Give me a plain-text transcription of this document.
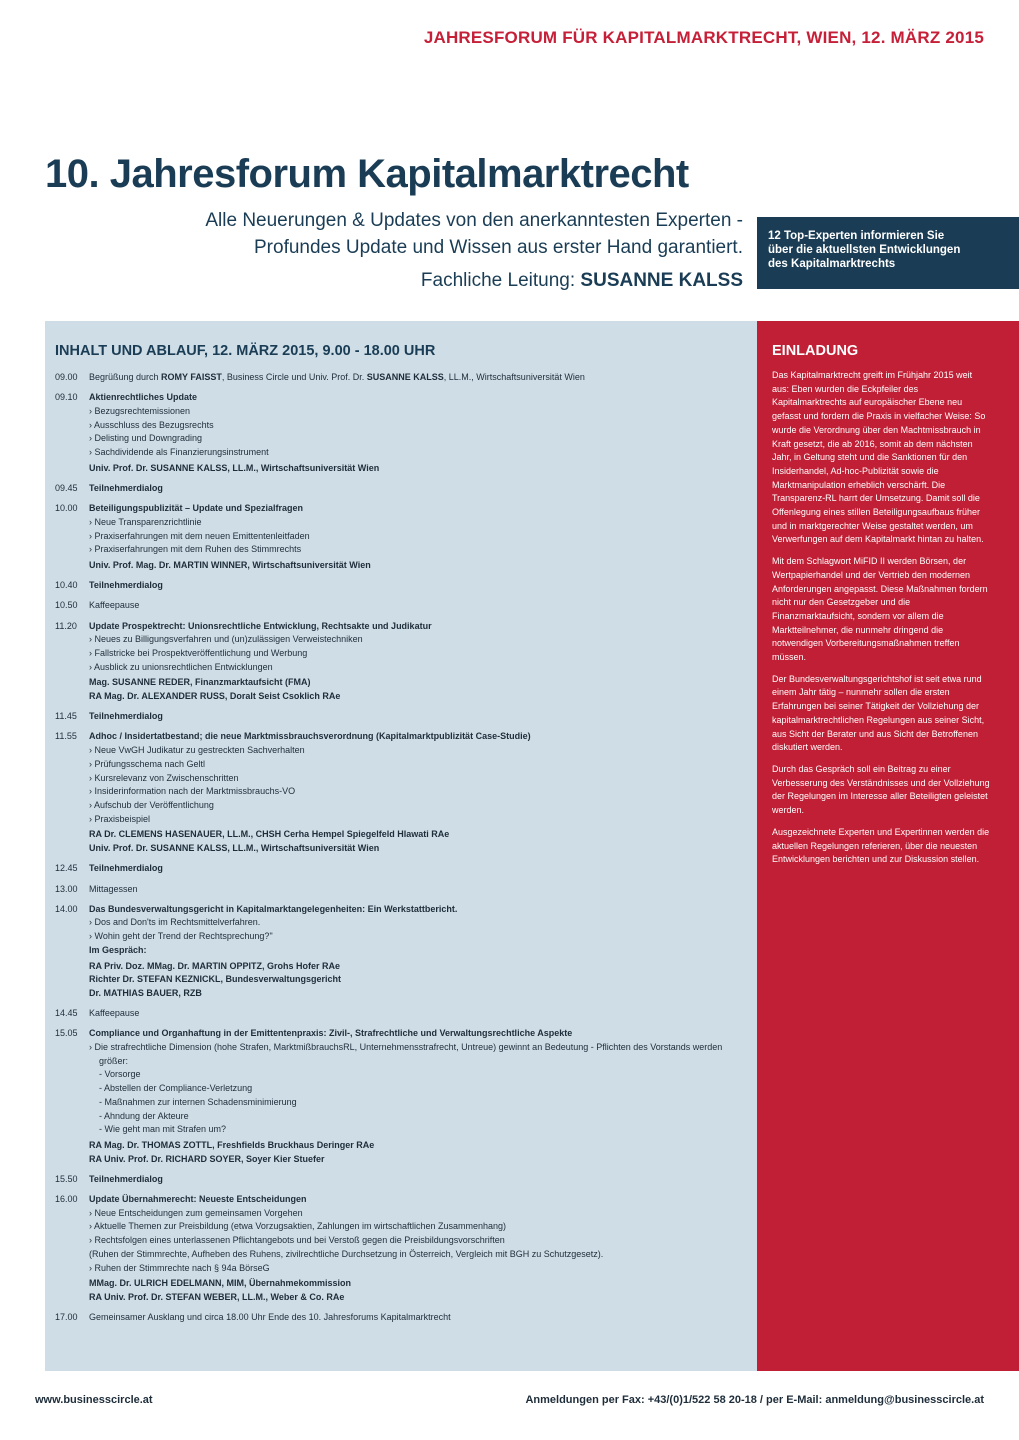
JAHRESFORUM FÜR KAPITALMARKTRECHT, WIEN, 12. MÄRZ 2015
10. Jahresforum Kapitalmarktrecht
Alle Neuerungen & Updates von den anerkanntesten Experten -
Profundes Update und Wissen aus erster Hand garantiert.
Fachliche Leitung: SUSANNE KALSS
12 Top-Experten informieren Sie
über die aktuellsten Entwicklungen
des Kapitalmarktrechts
INHALT UND ABLAUF, 12. MÄRZ 2015, 9.00 - 18.00 UHR
09.00	Begrüßung durch ROMY FAISST, Business Circle und Univ. Prof. Dr. SUSANNE KALSS, LL.M., Wirtschaftsuniversität Wien
09.10	Aktienrechtliches Update
› Bezugsrechtemissionen
› Ausschluss des Bezugsrechts
› Delisting und Downgrading
› Sachdividende als Finanzierungsinstrument
Univ. Prof. Dr. SUSANNE KALSS, LL.M., Wirtschaftsuniversität Wien
09.45	Teilnehmerdialog
10.00	Beteiligungspublizität – Update und Spezialfragen
› Neue Transparenzrichtlinie
› Praxiserfahrungen mit dem neuen Emittentenleitfaden
› Praxiserfahrungen mit dem Ruhen des Stimmrechts
Univ. Prof. Mag. Dr. MARTIN WINNER, Wirtschaftsuniversität Wien
10.40	Teilnehmerdialog
10.50	Kaffeepause
11.20	Update Prospektrecht: Unionsrechtliche Entwicklung, Rechtsakte und Judikatur
› Neues zu Billigungsverfahren und (un)zulässigen Verweistechniken
› Fallstricke bei Prospektveröffentlichung und Werbung
› Ausblick zu unionsrechtlichen Entwicklungen
Mag. SUSANNE REDER, Finanzmarktaufsicht (FMA)
RA Mag. Dr. ALEXANDER RUSS, Doralt Seist Csoklich RAe
11.45	Teilnehmerdialog
11.55	Adhoc / Insidertatbestand; die neue Marktmissbrauchsverordnung (Kapitalmarktpublizität Case-Studie)
› Neue VwGH Judikatur zu gestreckten Sachverhalten
› Prüfungsschema nach Geltl
› Kursrelevanz von Zwischenschritten
› Insiderinformation nach der Marktmissbrauchs-VO
› Aufschub der Veröffentlichung
› Praxisbeispiel
RA Dr. CLEMENS HASENAUER, LL.M., CHSH Cerha Hempel Spiegelfeld Hlawati RAe
Univ. Prof. Dr. SUSANNE KALSS, LL.M., Wirtschaftsuniversität Wien
12.45	Teilnehmerdialog
13.00	Mittagessen
14.00	Das Bundesverwaltungsgericht in Kapitalmarktangelegenheiten: Ein Werkstattbericht.
› Dos and Don'ts im Rechtsmittelverfahren.
› Wohin geht der Trend der Rechtsprechung?"
Im Gespräch:
RA Priv. Doz. MMag. Dr. MARTIN OPPITZ, Grohs Hofer RAe
Richter Dr. STEFAN KEZNICKL, Bundesverwaltungsgericht
Dr. MATHIAS BAUER, RZB
14.45	Kaffeepause
15.05	Compliance und Organhaftung in der Emittentenpraxis: Zivil-, Strafrechtliche und Verwaltungsrechtliche Aspekte
› Die strafrechtliche Dimension (hohe Strafen, MarktmißbrauchsRL, Unternehmensstrafrecht, Untreue) gewinnt an Bedeutung - Pflichten des Vorstands werden größer:
- Vorsorge
- Abstellen der Compliance-Verletzung
- Maßnahmen zur internen Schadensminimierung
- Ahndung der Akteure
- Wie geht man mit Strafen um?
RA Mag. Dr. THOMAS ZOTTL, Freshfields Bruckhaus Deringer RAe
RA Univ. Prof. Dr. RICHARD SOYER, Soyer Kier Stuefer
15.50	Teilnehmerdialog
16.00	Update Übernahmerecht: Neueste Entscheidungen
› Neue Entscheidungen zum gemeinsamen Vorgehen
› Aktuelle Themen zur Preisbildung (etwa Vorzugsaktien, Zahlungen im wirtschaftlichen Zusammenhang)
› Rechtsfolgen eines unterlassenen Pflichtangebots und bei Verstoß gegen die Preisbildungsvorschriften
(Ruhen der Stimmrechte, Aufheben des Ruhens, zivilrechtliche Durchsetzung in Österreich, Vergleich mit BGH zu Schutzgesetz).
› Ruhen der Stimmrechte nach § 94a BörseG
MMag. Dr. ULRICH EDELMANN, MIM, Übernahmekommission
RA Univ. Prof. Dr. STEFAN WEBER, LL.M., Weber & Co. RAe
17.00	Gemeinsamer Ausklang und circa 18.00 Uhr Ende des 10. Jahresforums Kapitalmarktrecht
EINLADUNG

Das Kapitalmarktrecht greift im Frühjahr 2015 weit aus: Eben wurden die Eckpfeiler des Kapitalmarktrechts auf europäischer Ebene neu gefasst und fordern die Praxis in vielfacher Weise: So wurde die Verordnung über den Machtmissbrauch in Kraft gesetzt, die ab 2016, somit ab dem nächsten Jahr, in Geltung steht und die Sanktionen für den Insiderhandel, Ad-hoc-Publizität sowie die Marktmanipulation erheblich verschärft. Die Transparenz-RL harrt der Umsetzung. Damit soll die Offenlegung eines stillen Beteiligungsaufbaus früher und in marktgerechter Weise gestaltet werden, um Verwerfungen auf dem Kapitalmarkt hintan zu halten.

Mit dem Schlagwort MiFID II werden Börsen, der Wertpapierhandel und der Vertrieb den modernen Anforderungen angepasst. Diese Maßnahmen fordern nicht nur den Gesetzgeber und die Finanzmarktaufsicht, sondern vor allem die Marktteilnehmer, die nunmehr dringend die notwendigen Vorbereitungsmaßnahmen treffen müssen.

Der Bundesverwaltungsgerichtshof ist seit etwa rund einem Jahr tätig – nunmehr sollen die ersten Erfahrungen bei seiner Tätigkeit der Vollziehung der kapitalmarktrechtlichen Regelungen aus seiner Sicht, aus Sicht der Berater und aus Sicht der Betroffenen diskutiert werden.

Durch das Gespräch soll ein Beitrag zu einer Verbesserung des Verständnisses und der Vollziehung der Regelungen im Interesse aller Beteiligten geleistet werden.

Ausgezeichnete Experten und Expertinnen werden die aktuellen Regelungen referieren, über die neuesten Entwicklungen berichten und zur Diskussion stellen.

www.businesscircle.at	Anmeldungen per Fax: +43/(0)1/522 58 20-18 / per E-Mail: anmeldung@businesscircle.at
